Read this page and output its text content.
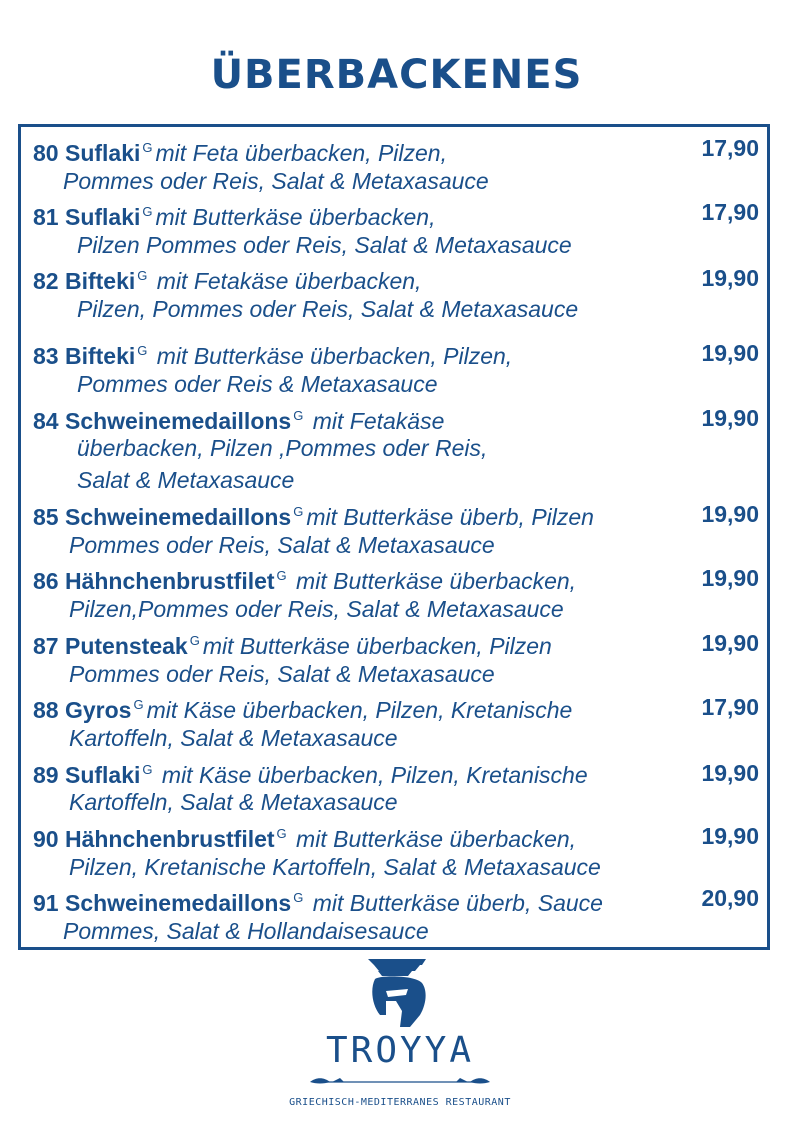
ÜBERBACKENES
80 Suflaki $^G$ mit Feta überbacken, Pilzen,
Pommes oder Reis, Salat & Metaxasauce
17,90
81 Suflaki $^G$ mit Butterkäse überbacken,
Pilzen Pommes oder Reis, Salat & Metaxasauce
17,90
82 Bifteki $^G$ mit Fetakäse überbacken,
Pilzen, Pommes oder Reis, Salat & Metaxasauce
19,90
83 Bifteki $^G$ mit Butterkäse überbacken, Pilzen,
Pommes oder Reis & Metaxasauce
19,90
84 Schweinemedaillons $^G$ mit Fetakäse
überbacken, Pilzen ,Pommes oder Reis,
Salat & Metaxasauce
19,90
85 Schweinemedaillons $^G$ mit Butterkäse überb, Pilzen
Pommes oder Reis, Salat & Metaxasauce
19,90
86 Hähnchenbrustfilet $^G$ mit Butterkäse überbacken,
Pilzen,Pommes oder Reis, Salat & Metaxasauce
19,90
87 Putensteak $^G$ mit Butterkäse überbacken, Pilzen
Pommes oder Reis, Salat & Metaxasauce
19,90
88 Gyros $^G$ mit Käse überbacken, Pilzen, Kretanische
Kartoffeln, Salat & Metaxasauce
17,90
89 Suflaki $^G$ mit Käse überbacken, Pilzen, Kretanische
Kartoffeln, Salat & Metaxasauce
19,90
90 Hähnchenbrustfilet $^G$ mit Butterkäse überbacken,
Pilzen, Kretanische Kartoffeln, Salat & Metaxasauce
19,90
91 Schweinemedaillons $^G$ mit Butterkäse überb, Sauce
Pommes, Salat & Hollandaisesauce
20,90
TROYYA
GRIECHISCH-MEDITERRANES RESTAURANT
